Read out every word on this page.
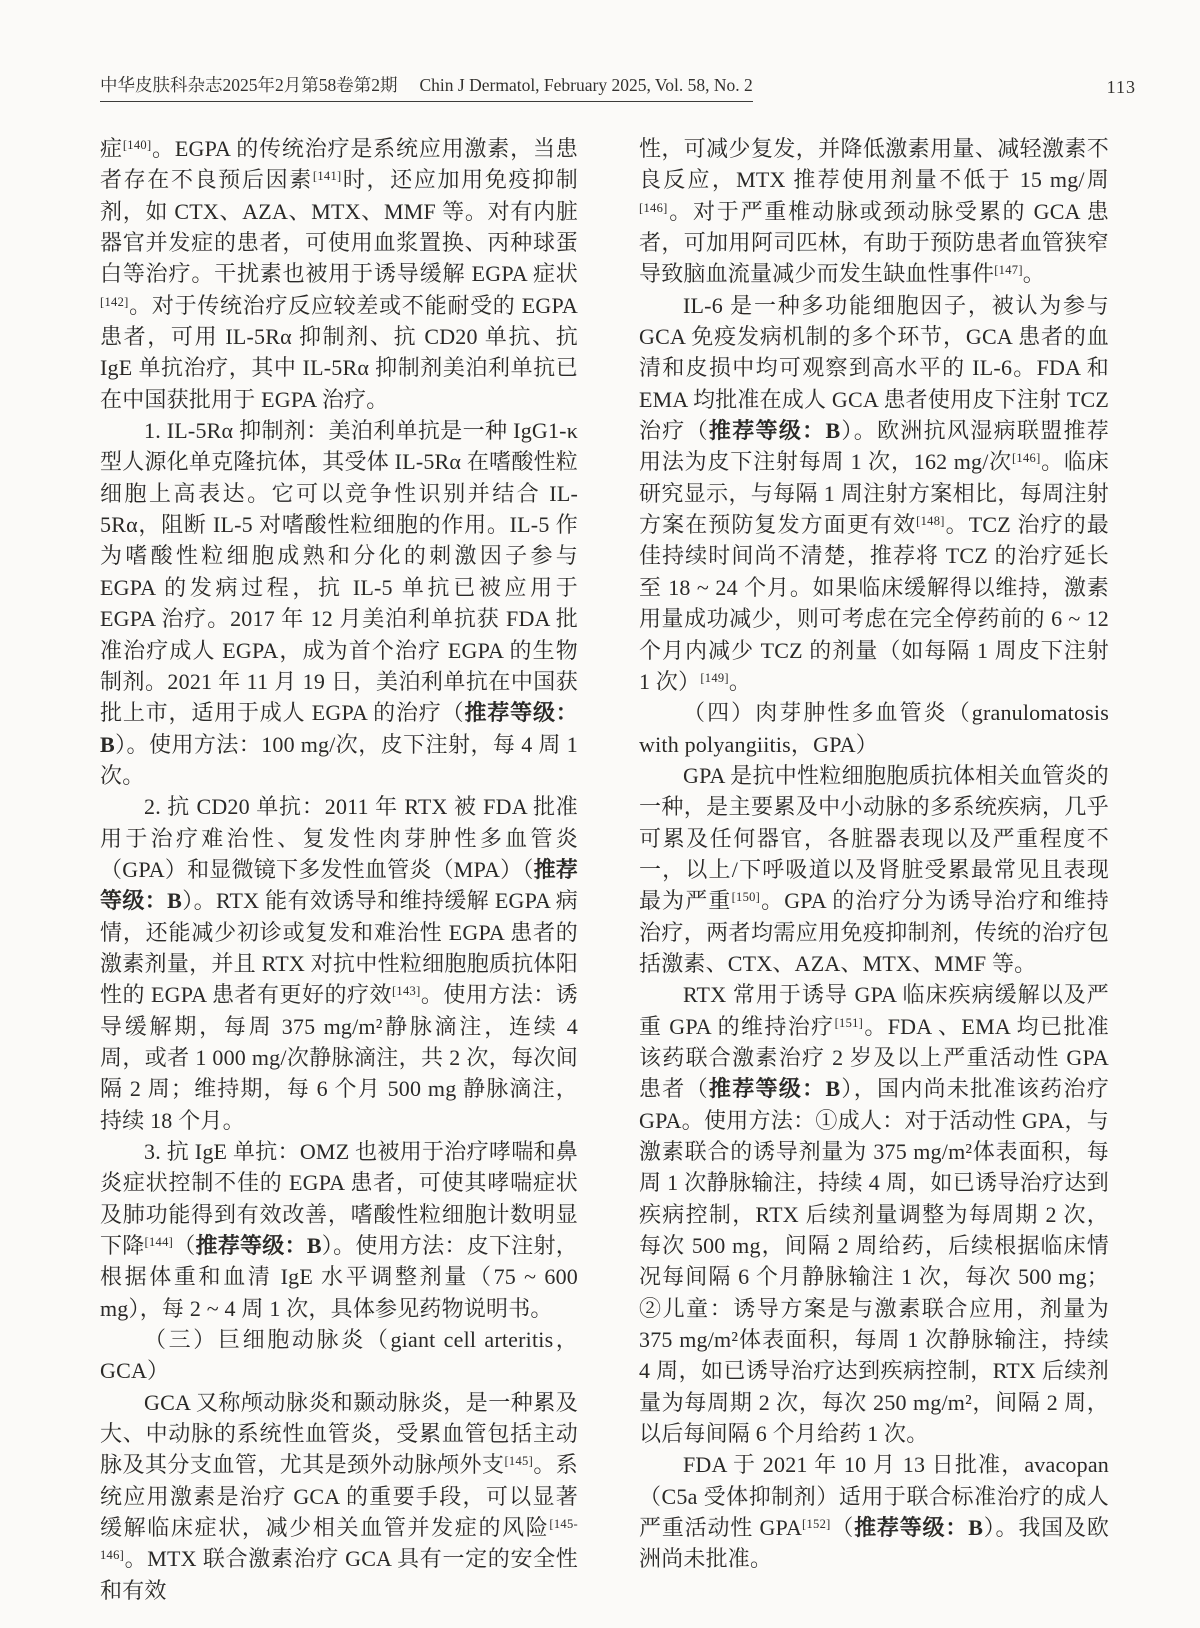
中华皮肤科杂志2025年2月第58卷第2期 Chin J Dermatol, February 2025, Vol. 58, No. 2	113

症[140]。EGPA 的传统治疗是系统应用激素，当患者存在不良预后因素[141]时，还应加用免疫抑制剂，如 CTX、AZA、MTX、MMF 等。对有内脏器官并发症的患者，可使用血浆置换、丙种球蛋白等治疗。干扰素也被用于诱导缓解 EGPA 症状[142]。对于传统治疗反应较差或不能耐受的 EGPA 患者，可用 IL-5Rα 抑制剂、抗 CD20 单抗、抗 IgE 单抗治疗，其中 IL-5Rα 抑制剂美泊利单抗已在中国获批用于 EGPA 治疗。

1. IL-5Rα 抑制剂：美泊利单抗是一种 IgG1-κ 型人源化单克隆抗体，其受体 IL-5Rα 在嗜酸性粒细胞上高表达。它可以竞争性识别并结合 IL-5Rα，阻断 IL-5 对嗜酸性粒细胞的作用。IL-5 作为嗜酸性粒细胞成熟和分化的刺激因子参与 EGPA 的发病过程，抗 IL-5 单抗已被应用于 EGPA 治疗。2017 年 12 月美泊利单抗获 FDA 批准治疗成人 EGPA，成为首个治疗 EGPA 的生物制剂。2021 年 11 月 19 日，美泊利单抗在中国获批上市，适用于成人 EGPA 的治疗（推荐等级：B）。使用方法：100 mg/次，皮下注射，每 4 周 1 次。

2. 抗 CD20 单抗：2011 年 RTX 被 FDA 批准用于治疗难治性、复发性肉芽肿性多血管炎（GPA）和显微镜下多发性血管炎（MPA）（推荐等级：B）。RTX 能有效诱导和维持缓解 EGPA 病情，还能减少初诊或复发和难治性 EGPA 患者的激素剂量，并且 RTX 对抗中性粒细胞胞质抗体阳性的 EGPA 患者有更好的疗效[143]。使用方法：诱导缓解期，每周 375 mg/m²静脉滴注，连续 4 周，或者 1 000 mg/次静脉滴注，共 2 次，每次间隔 2 周；维持期，每 6 个月 500 mg 静脉滴注，持续 18 个月。

3. 抗 IgE 单抗：OMZ 也被用于治疗哮喘和鼻炎症状控制不佳的 EGPA 患者，可使其哮喘症状及肺功能得到有效改善，嗜酸性粒细胞计数明显下降[144]（推荐等级：B）。使用方法：皮下注射，根据体重和血清 IgE 水平调整剂量（75 ~ 600 mg），每 2 ~ 4 周 1 次，具体参见药物说明书。

（三）巨细胞动脉炎（giant cell arteritis，GCA）

GCA 又称颅动脉炎和颞动脉炎，是一种累及大、中动脉的系统性血管炎，受累血管包括主动脉及其分支血管，尤其是颈外动脉颅外支[145]。系统应用激素是治疗 GCA 的重要手段，可以显著缓解临床症状，减少相关血管并发症的风险[145-146]。MTX 联合激素治疗 GCA 具有一定的安全性和有效

性，可减少复发，并降低激素用量、减轻激素不良反应，MTX 推荐使用剂量不低于 15 mg/周[146]。对于严重椎动脉或颈动脉受累的 GCA 患者，可加用阿司匹林，有助于预防患者血管狭窄导致脑血流量减少而发生缺血性事件[147]。

IL-6 是一种多功能细胞因子，被认为参与 GCA 免疫发病机制的多个环节，GCA 患者的血清和皮损中均可观察到高水平的 IL-6。FDA 和 EMA 均批准在成人 GCA 患者使用皮下注射 TCZ 治疗（推荐等级：B）。欧洲抗风湿病联盟推荐用法为皮下注射每周 1 次，162 mg/次[146]。临床研究显示，与每隔 1 周注射方案相比，每周注射方案在预防复发方面更有效[148]。TCZ 治疗的最佳持续时间尚不清楚，推荐将 TCZ 的治疗延长至 18 ~ 24 个月。如果临床缓解得以维持，激素用量成功减少，则可考虑在完全停药前的 6 ~ 12 个月内减少 TCZ 的剂量（如每隔 1 周皮下注射 1 次）[149]。

（四）肉芽肿性多血管炎（granulomatosis with polyangiitis，GPA）

GPA 是抗中性粒细胞胞质抗体相关血管炎的一种，是主要累及中小动脉的多系统疾病，几乎可累及任何器官，各脏器表现以及严重程度不一，以上/下呼吸道以及肾脏受累最常见且表现最为严重[150]。GPA 的治疗分为诱导治疗和维持治疗，两者均需应用免疫抑制剂，传统的治疗包括激素、CTX、AZA、MTX、MMF 等。

RTX 常用于诱导 GPA 临床疾病缓解以及严重 GPA 的维持治疗[151]。FDA 、EMA 均已批准该药联合激素治疗 2 岁及以上严重活动性 GPA 患者（推荐等级：B），国内尚未批准该药治疗 GPA。使用方法：①成人：对于活动性 GPA，与激素联合的诱导剂量为 375 mg/m²体表面积，每周 1 次静脉输注，持续 4 周，如已诱导治疗达到疾病控制，RTX 后续剂量调整为每周期 2 次，每次 500 mg，间隔 2 周给药，后续根据临床情况每间隔 6 个月静脉输注 1 次，每次 500 mg；②儿童：诱导方案是与激素联合应用，剂量为 375 mg/m²体表面积，每周 1 次静脉输注，持续 4 周，如已诱导治疗达到疾病控制，RTX 后续剂量为每周期 2 次，每次 250 mg/m²，间隔 2 周，以后每间隔 6 个月给药 1 次。

FDA 于 2021 年 10 月 13 日批准，avacopan（C5a 受体抑制剂）适用于联合标准治疗的成人严重活动性 GPA[152]（推荐等级：B）。我国及欧洲尚未批准。
